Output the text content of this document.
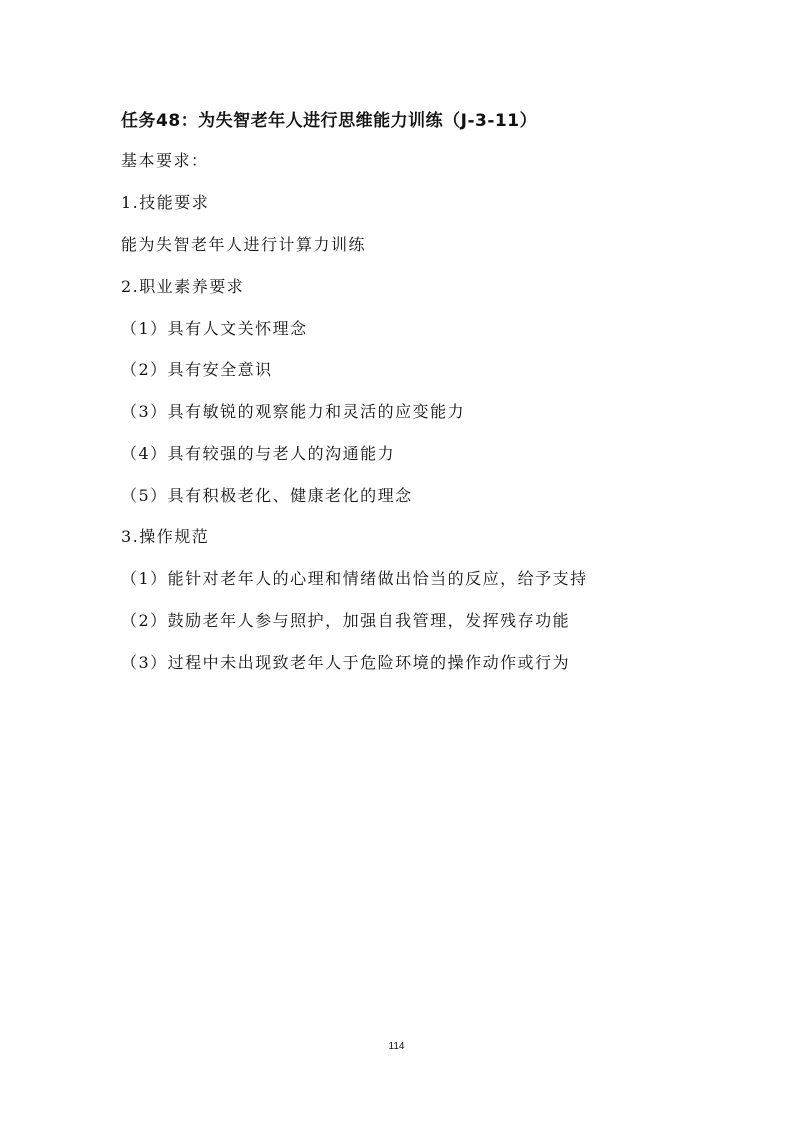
任务48：为失智老年人进行思维能力训练（J-3-11）
基本要求：
1.技能要求
能为失智老年人进行计算力训练
2.职业素养要求
（1）具有人文关怀理念
（2）具有安全意识
（3）具有敏锐的观察能力和灵活的应变能力
（4）具有较强的与老人的沟通能力
（5）具有积极老化、健康老化的理念
3.操作规范
（1）能针对老年人的心理和情绪做出恰当的反应，给予支持
（2）鼓励老年人参与照护，加强自我管理，发挥残存功能
（3）过程中未出现致老年人于危险环境的操作动作或行为
114
